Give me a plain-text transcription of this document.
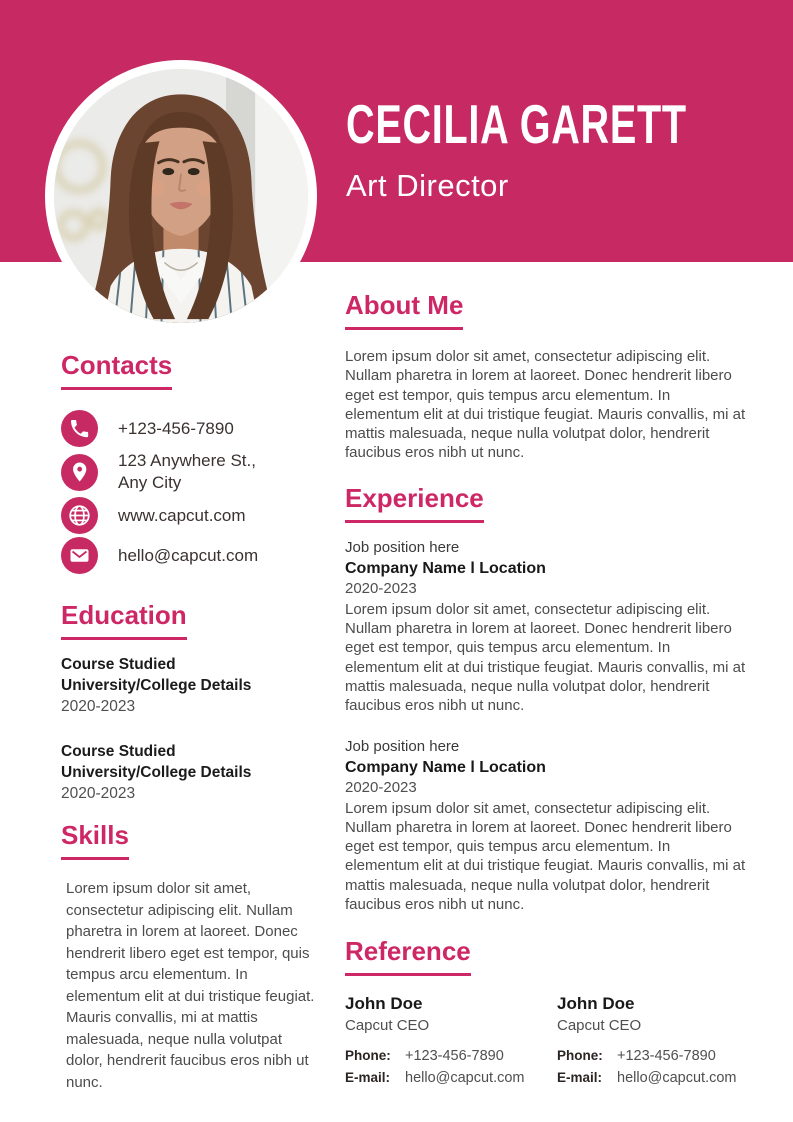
CECILIA GARETT
Art Director
Contacts
+123-456-7890
123 Anywhere St.,
Any City
www.capcut.com
hello@capcut.com
Education
Course Studied
University/College Details
2020-2023
Course Studied
University/College Details
2020-2023
Skills
Lorem ipsum dolor sit amet, consectetur adipiscing elit. Nullam pharetra in lorem at laoreet. Donec hendrerit libero eget est tempor, quis tempus arcu elementum. In elementum elit at dui tristique feugiat. Mauris convallis, mi at mattis malesuada, neque nulla volutpat dolor, hendrerit faucibus eros nibh ut nunc.
About Me
Lorem ipsum dolor sit amet, consectetur adipiscing elit. Nullam pharetra in lorem at laoreet. Donec hendrerit libero eget est tempor, quis tempus arcu elementum. In elementum elit at dui tristique feugiat. Mauris convallis, mi at mattis malesuada, neque nulla volutpat dolor, hendrerit faucibus eros nibh ut nunc.
Experience
Job position here
Company Name l Location
2020-2023
Lorem ipsum dolor sit amet, consectetur adipiscing elit. Nullam pharetra in lorem at laoreet. Donec hendrerit libero eget est tempor, quis tempus arcu elementum. In elementum elit at dui tristique feugiat. Mauris convallis, mi at mattis malesuada, neque nulla volutpat dolor, hendrerit faucibus eros nibh ut nunc.
Job position here
Company Name l Location
2020-2023
Lorem ipsum dolor sit amet, consectetur adipiscing elit. Nullam pharetra in lorem at laoreet. Donec hendrerit libero eget est tempor, quis tempus arcu elementum. In elementum elit at dui tristique feugiat. Mauris convallis, mi at mattis malesuada, neque nulla volutpat dolor, hendrerit faucibus eros nibh ut nunc.
Reference
John Doe
Capcut CEO
Phone: +123-456-7890
E-mail:	hello@capcut.com
John Doe
Capcut CEO
Phone: +123-456-7890
E-mail:	hello@capcut.com
